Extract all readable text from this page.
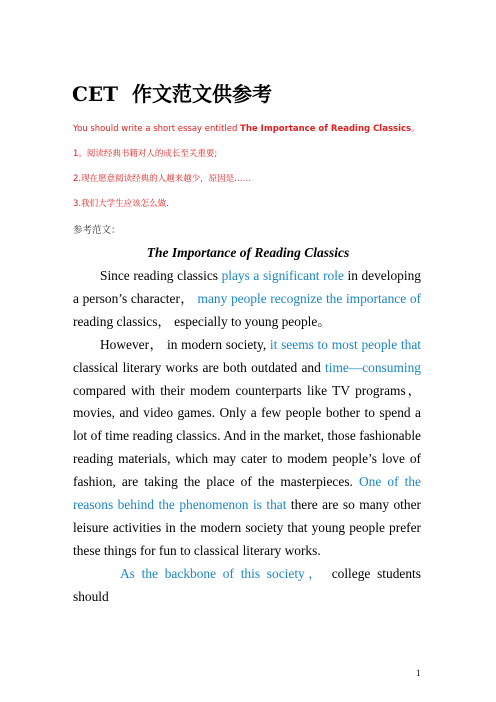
CET 作文范文供参考
You should write a short essay entitled The Importance of Reading Classics。
1。阅读经典书籍对人的成长至关重要;
2.现在愿意阅读经典的人越来越少，原因是……
3.我们大学生应该怎么做.
参考范文：
The Importance of Reading Classics

Since reading classics plays a significant role in developing a person’s character， many people recognize the importance of reading classics， especially to young people。

However， in modern society, it seems to most people that classical literary works are both outdated and time—consuming compared with their modem counterparts like TV programs， movies, and video games. Only a few people bother to spend a lot of time reading classics. And in the market, those fashionable reading materials, which may cater to modem people’s love of fashion, are taking the place of the masterpieces. One of the reasons behind the phenomenon is that there are so many other leisure activities in the modern society that young people prefer these things for fun to classical literary works.

As the backbone of this society， college students should

1
